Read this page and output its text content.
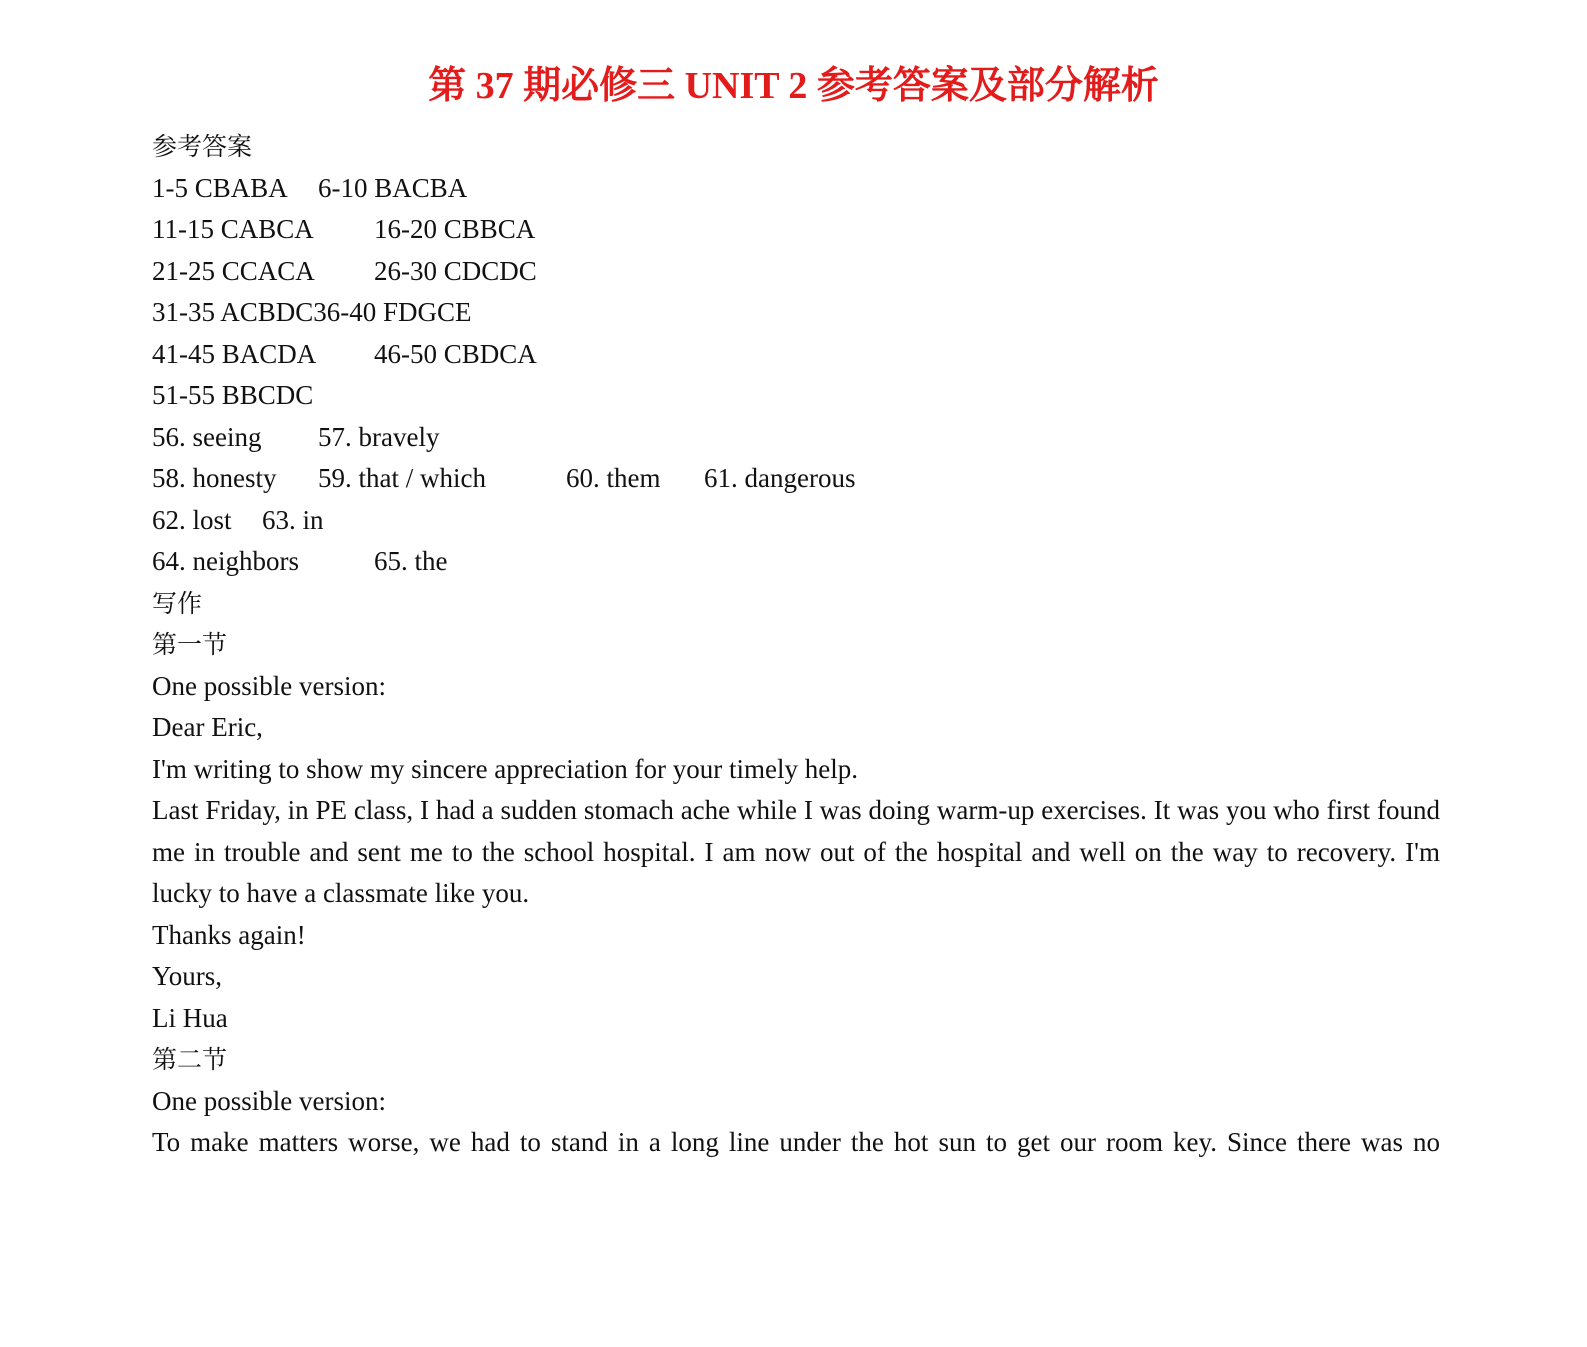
第 37 期必修三 UNIT 2 参考答案及部分解析
参考答案
1-5 CBABA 6-10 BACBA
11-15 CABCA 16-20 CBBCA
21-25 CCACA 26-30 CDCDC
31-35 ACBDC36-40 FDGCE
41-45 BACDA 46-50 CBDCA
51-55 BBCDC
56. seeing 57. bravely
58. honesty 59. that / which	60. them 61. dangerous
62. lost 63. in
64. neighbors	65. the
写作
第一节
One possible version:
Dear Eric,
I'm writing to show my sincere appreciation for your timely help.
Last Friday, in PE class, I had a sudden stomach ache while I was doing warm-up exercises. It was you who first found me in trouble and sent me to the school hospital. I am now out of the hospital and well on the way to recovery. I'm lucky to have a classmate like you.
Thanks again!
Yours,
Li Hua
第二节
One possible version:
To make matters worse, we had to stand in a long line under the hot sun to get our room key. Since there was no
